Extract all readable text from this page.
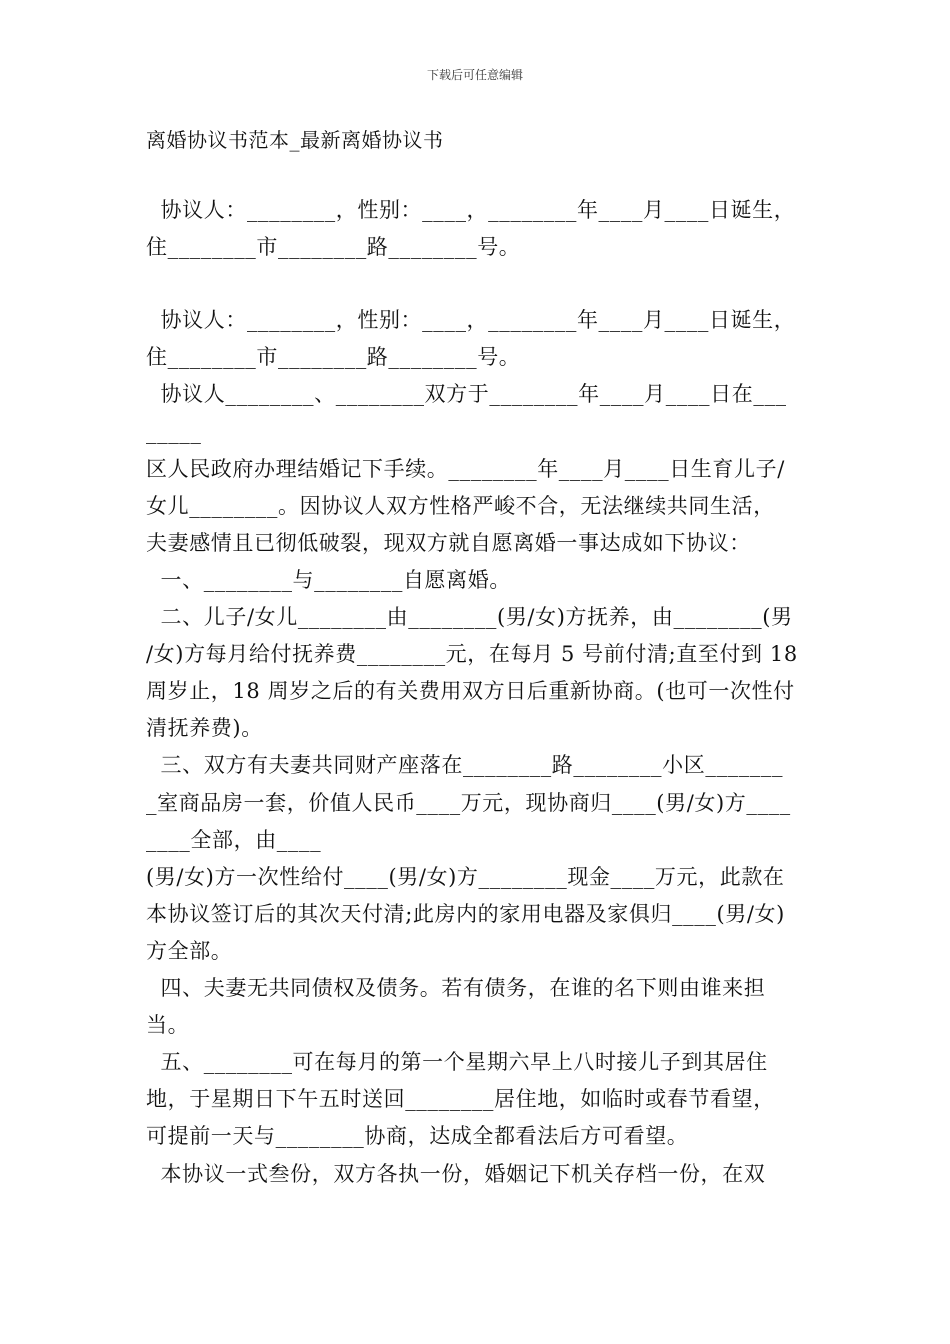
下载后可任意编辑
离婚协议书范本_最新离婚协议书
协议人：________，性别：____，________年____月____日诞生，
住________市________路________号。
协议人：________，性别：____，________年____月____日诞生，
住________市________路________号。
协议人________、________双方于________年____月____日在___
_____
区人民政府办理结婚记下手续。________年____月____日生育儿子/
女儿________。因协议人双方性格严峻不合，无法继续共同生活，
夫妻感情且已彻低破裂，现双方就自愿离婚一事达成如下协议：
一、________与________自愿离婚。
二、儿子/女儿________由________(男/女)方抚养，由________(男
/女)方每月给付抚养费________元，在每月 5 号前付清;直至付到 18
周岁止，18 周岁之后的有关费用双方日后重新协商。(也可一次性付
清抚养费)。
三、双方有夫妻共同财产座落在________路________小区_______
_室商品房一套，价值人民币____万元，现协商归____(男/女)方____
____全部，由____
(男/女)方一次性给付____(男/女)方________现金____万元，此款在
本协议签订后的其次天付清;此房内的家用电器及家俱归____(男/女)
方全部。
四、夫妻无共同债权及债务。若有债务，在谁的名下则由谁来担
当。
五、________可在每月的第一个星期六早上八时接儿子到其居住
地，于星期日下午五时送回________居住地，如临时或春节看望，
可提前一天与________协商，达成全都看法后方可看望。
本协议一式叁份，双方各执一份，婚姻记下机关存档一份，在双
